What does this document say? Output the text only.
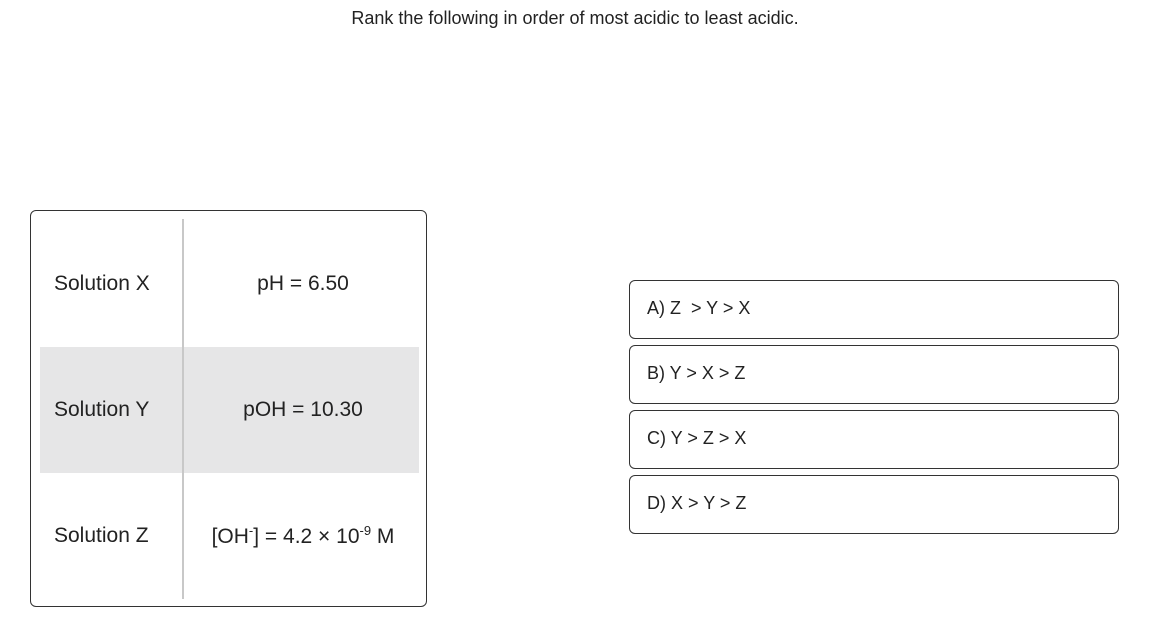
Rank the following in order of most acidic to least acidic.
Solution X	pH = 6.50
Solution Y	pOH = 10.30
Solution Z	$[OH^-] = 4.2 \times 10^{-9}$ M
A) Z  > Y > X
B) Y > X > Z
C) Y > Z > X
D) X > Y > Z
